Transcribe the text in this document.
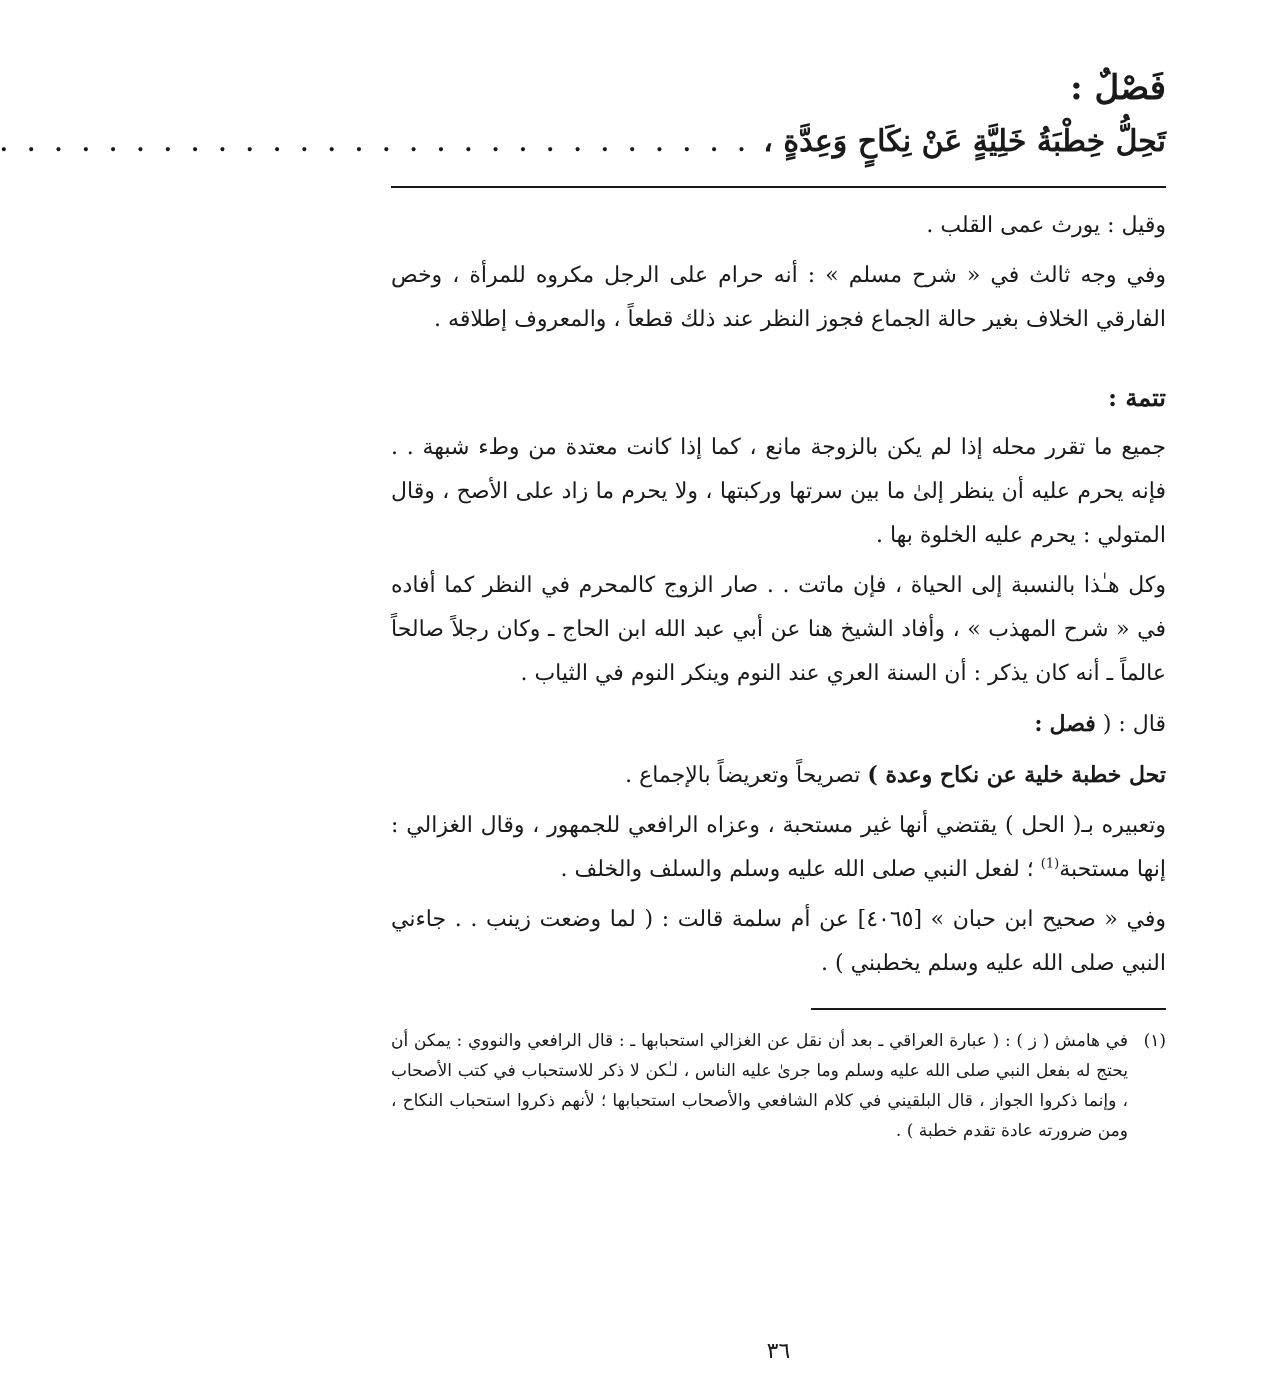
فَصْلٌ :
تَحِلُّ خِطْبَةُ خَلِيَّةٍ عَنْ نِكَاحٍ وَعِدَّةٍ ،
. . . . . . . . . . . . . . . . . . . . . . . . . . . .

وقيل : يورث عمى القلب .

وفي وجه ثالث في « شرح مسلم » : أنه حرام على الرجل مكروه للمرأة ، وخص الفارقي الخلاف بغير حالة الجماع فجوز النظر عند ذلك قطعاً ، والمعروف إطلاقه .

تتمة :

جميع ما تقرر محله إذا لم يكن بالزوجة مانع ، كما إذا كانت معتدة من وطء شبهة . . فإنه يحرم عليه أن ينظر إلىٰ ما بين سرتها وركبتها ، ولا يحرم ما زاد على الأصح ، وقال المتولي : يحرم عليه الخلوة بها .

وكل هـٰذا بالنسبة إلى الحياة ، فإن ماتت . . صار الزوج كالمحرم في النظر كما أفاده في « شرح المهذب » ، وأفاد الشيخ هنا عن أبي عبد الله ابن الحاج ـ وكان رجلاً صالحاً عالماً ـ أنه كان يذكر : أن السنة العري عند النوم وينكر النوم في الثياب .

قال : ( فصل :

تحل خطبة خلية عن نكاح وعدة ) تصريحاً وتعريضاً بالإجماع .

وتعبيره بـ( الحل ) يقتضي أنها غير مستحبة ، وعزاه الرافعي للجمهور ، وقال الغزالي : إنها مستحبة$^{(1)}$ ؛ لفعل النبي صلى الله عليه وسلم والسلف والخلف .

وفي « صحيح ابن حبان » [٤٠٦٥] عن أم سلمة قالت : ( لما وضعت زينب . . جاءني النبي صلى الله عليه وسلم يخطبني ) .

(١)
في هامش ( ز ) : ( عبارة العراقي ـ بعد أن نقل عن الغزالي استحبابها ـ : قال الرافعي والنووي : يمكن أن يحتج له بفعل النبي صلى الله عليه وسلم وما جرىٰ عليه الناس ، لـٰكن لا ذكر للاستحباب في كتب الأصحاب ، وإنما ذكروا الجواز ، قال البلقيني في كلام الشافعي والأصحاب استحبابها ؛ لأنهم ذكروا استحباب النكاح ، ومن ضرورته عادة تقدم خطبة ) .
٣٦
